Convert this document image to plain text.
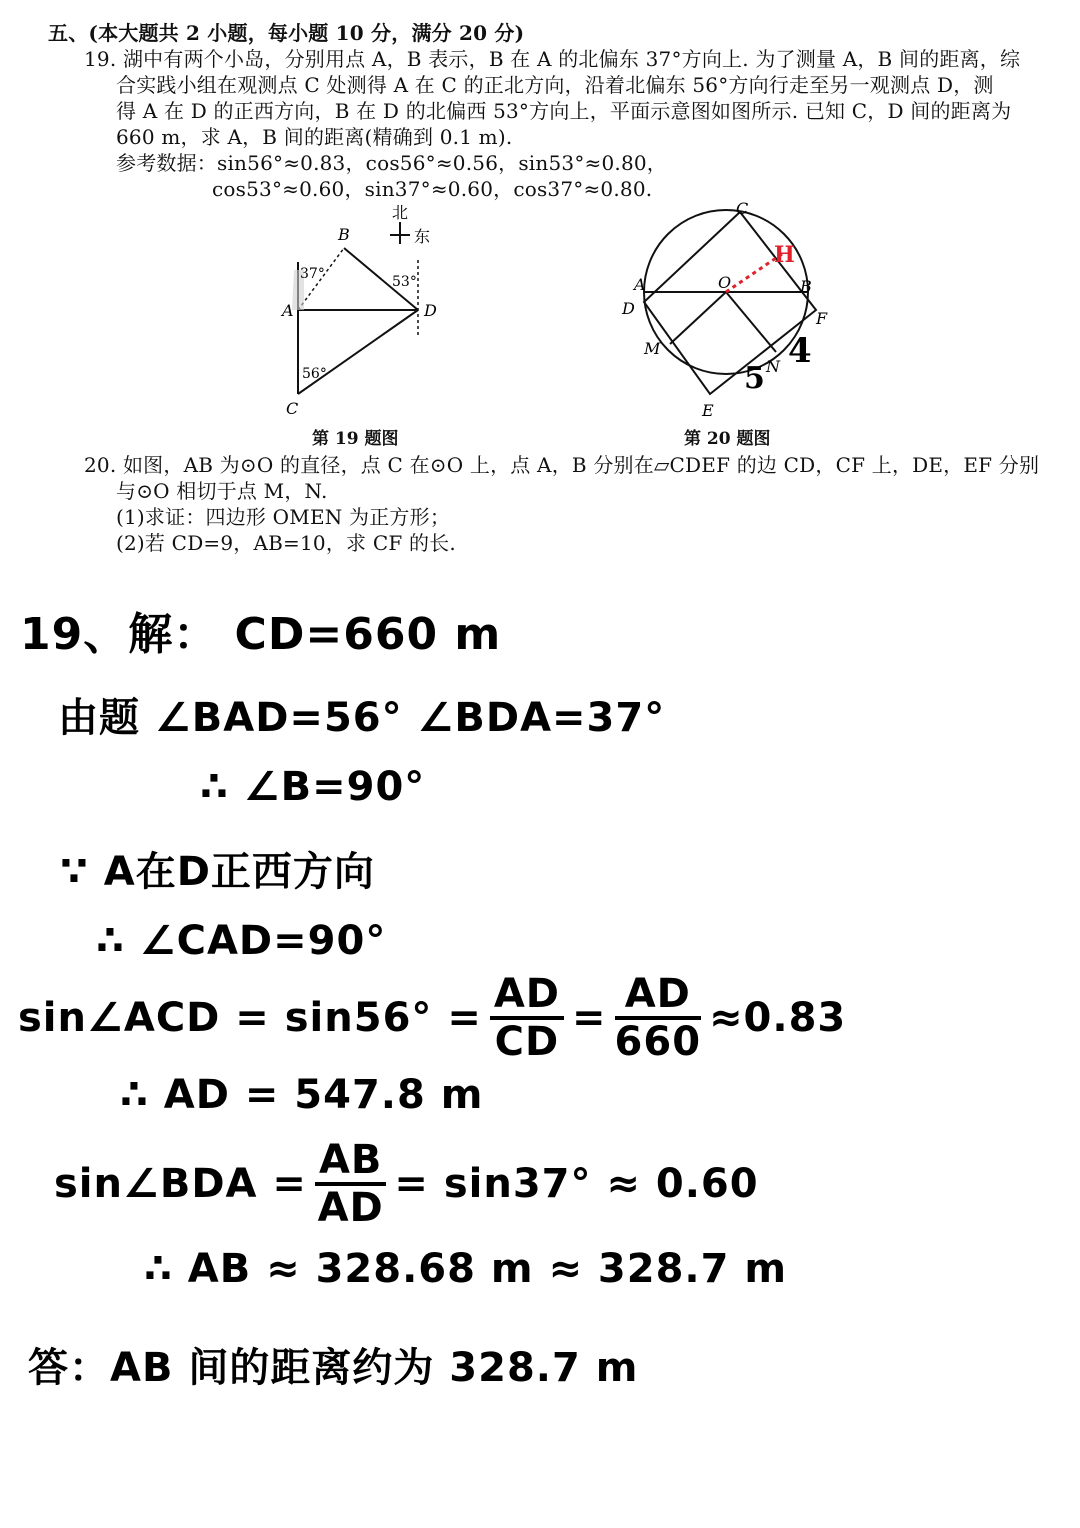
五、(本大题共 2 小题，每小题 10 分，满分 20 分)
19. 湖中有两个小岛，分别用点 A，B 表示，B 在 A 的北偏东 37°方向上. 为了测量 A，B 间的距离，综
合实践小组在观测点 C 处测得 A 在 C 的正北方向，沿着北偏东 56°方向行走至另一观测点 D，测
得 A 在 D 的正西方向，B 在 D 的北偏西 53°方向上，平面示意图如图所示. 已知 C，D 间的距离为
660 m，求 A，B 间的距离(精确到 0.1 m).
参考数据：sin56°≈0.83，cos56°≈0.56，sin53°≈0.80，
cos53°≈0.60，sin37°≈0.60，cos37°≈0.80.
北
东
B
A
C
D
37°	53°
56°
第 19 题图
C
A	O	B
D
F
M
N
E
H
5
4
第 20 题图
20. 如图，AB 为⊙O 的直径，点 C 在⊙O 上，点 A，B 分别在▱CDEF 的边 CD，CF 上，DE，EF 分别
与⊙O 相切于点 M，N.
(1)求证：四边形 OMEN 为正方形；
(2)若 CD=9，AB=10，求 CF 的长.
19、解： CD=660 m
由题 ∠BAD=56° ∠BDA=37°
∴ ∠B=90°
∵ A在D正西方向
∴ ∠CAD=90°
sin∠ACD = $\sin 56^\circ = \frac{AD}{CD} = \frac{AD}{660} \approx 0.83$
∴ AD = 547.8 m
sin∠BDA = $\frac{AB}{AD} = \sin 37^\circ \approx 0.60$
∴ AB ≈ 328.68 m ≈ 328.7 m
答：AB 间的距离约为 328.7 m
